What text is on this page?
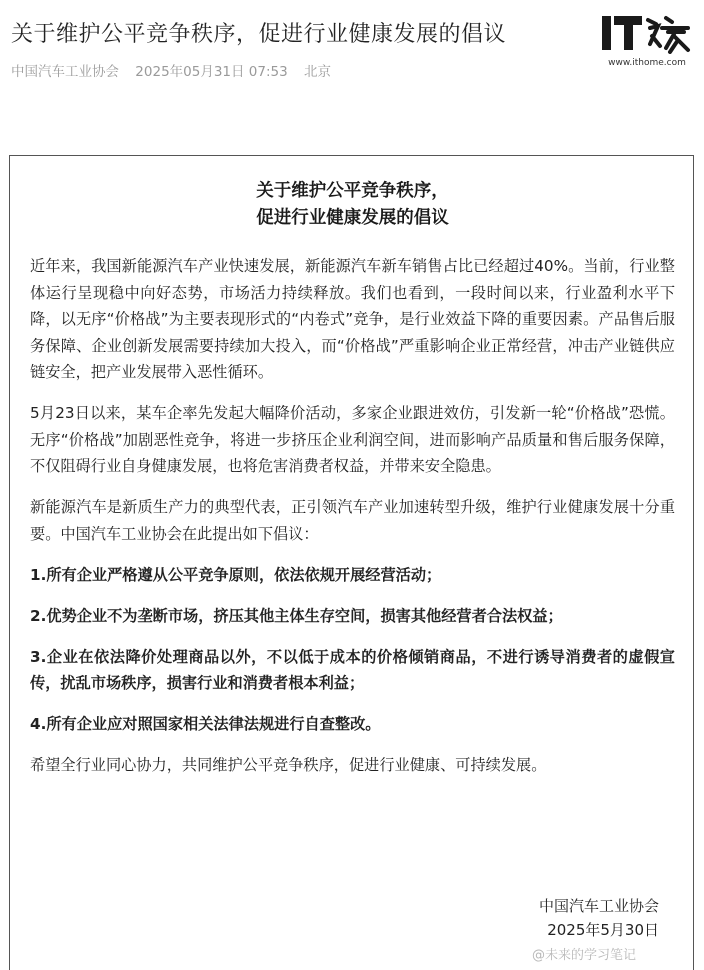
关于维护公平竞争秩序，促进行业健康发展的倡议
中国汽车工业协会 2025年05月31日 07:53 北京
www.ithome.com
关于维护公平竞争秩序，
促进行业健康发展的倡议

近年来，我国新能源汽车产业快速发展，新能源汽车新车销售占比已经超过40%。当前，行业整体运行呈现稳中向好态势，市场活力持续释放。我们也看到，一段时间以来，行业盈利水平下降，以无序“价格战”为主要表现形式的“内卷式”竞争，是行业效益下降的重要因素。产品售后服务保障、企业创新发展需要持续加大投入，而“价格战”严重影响企业正常经营，冲击产业链供应链安全，把产业发展带入恶性循环。

5月23日以来，某车企率先发起大幅降价活动，多家企业跟进效仿，引发新一轮“价格战”恐慌。无序“价格战”加剧恶性竞争，将进一步挤压企业利润空间，进而影响产品质量和售后服务保障，不仅阻碍行业自身健康发展，也将危害消费者权益，并带来安全隐患。

新能源汽车是新质生产力的典型代表，正引领汽车产业加速转型升级，维护行业健康发展十分重要。中国汽车工业协会在此提出如下倡议：

1.所有企业严格遵从公平竞争原则，依法依规开展经营活动；

2.优势企业不为垄断市场，挤压其他主体生存空间，损害其他经营者合法权益；

3.企业在依法降价处理商品以外，不以低于成本的价格倾销商品，不进行诱导消费者的虚假宣传，扰乱市场秩序，损害行业和消费者根本利益；

4.所有企业应对照国家相关法律法规进行自查整改。

希望全行业同心协力，共同维护公平竞争秩序，促进行业健康、可持续发展。

中国汽车工业协会
2025年5月30日
@未来的学习笔记
